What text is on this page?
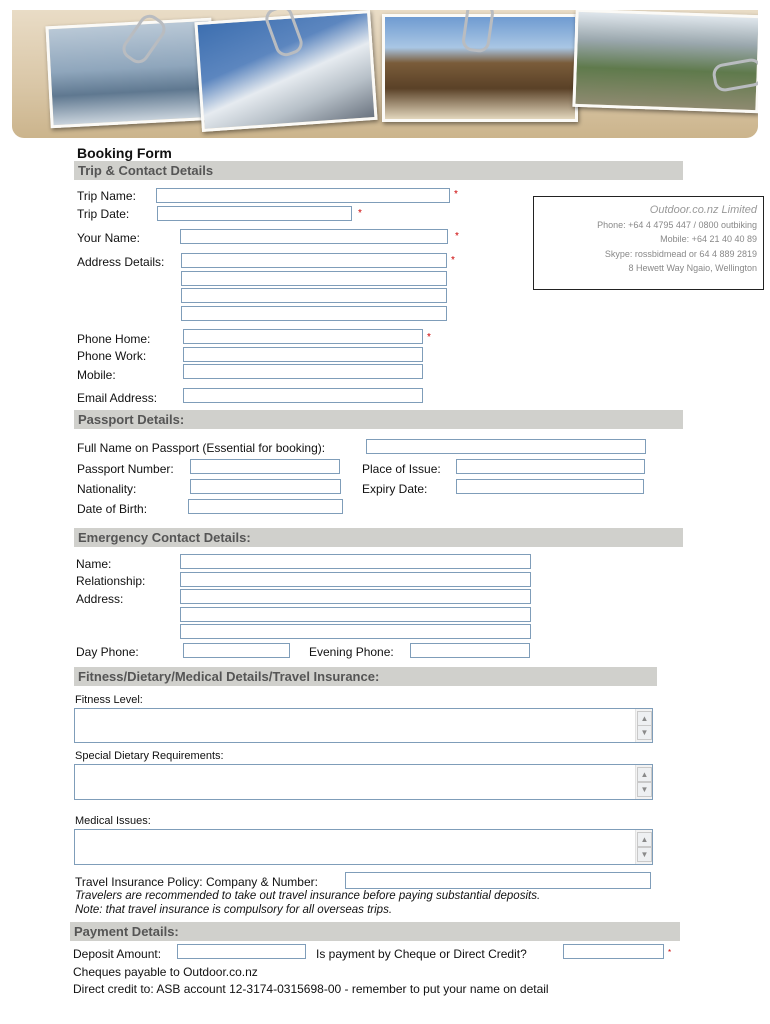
Booking Form
Trip & Contact Details
Trip Name:	*
Trip Date:	*
Your Name:	*
Address Details:	*
Phone Home:	*
Phone Work:
Mobile:
Email Address:
Outdoor.co.nz Limited
Phone: +64 4 4795 447 / 0800 outbiking
Mobile: +64 21 40 40 89
Skype: rossbidmead or 64 4 889 2819
8 Hewett Way Ngaio, Wellington
Passport Details:
Full Name on Passport (Essential for booking):
Passport Number:	Place of Issue:
Nationality:	Expiry Date:
Date of Birth:
Emergency Contact Details:
Name:
Relationship:
Address:
Day Phone:	Evening Phone:
Fitness/Dietary/Medical Details/Travel Insurance:
Fitness Level:
▲
▼
Special Dietary Requirements:
▲
▼
Medical Issues:
▲
▼
Travel Insurance Policy: Company & Number:
Travelers are recommended to take out travel insurance before paying substantial deposits.
Note: that travel insurance is compulsory for all overseas trips.
Payment Details:
Deposit Amount:	Is payment by Cheque or Direct Credit?	*
Cheques payable to Outdoor.co.nz
Direct credit to: ASB account 12-3174-0315698-00 - remember to put your name on detail
